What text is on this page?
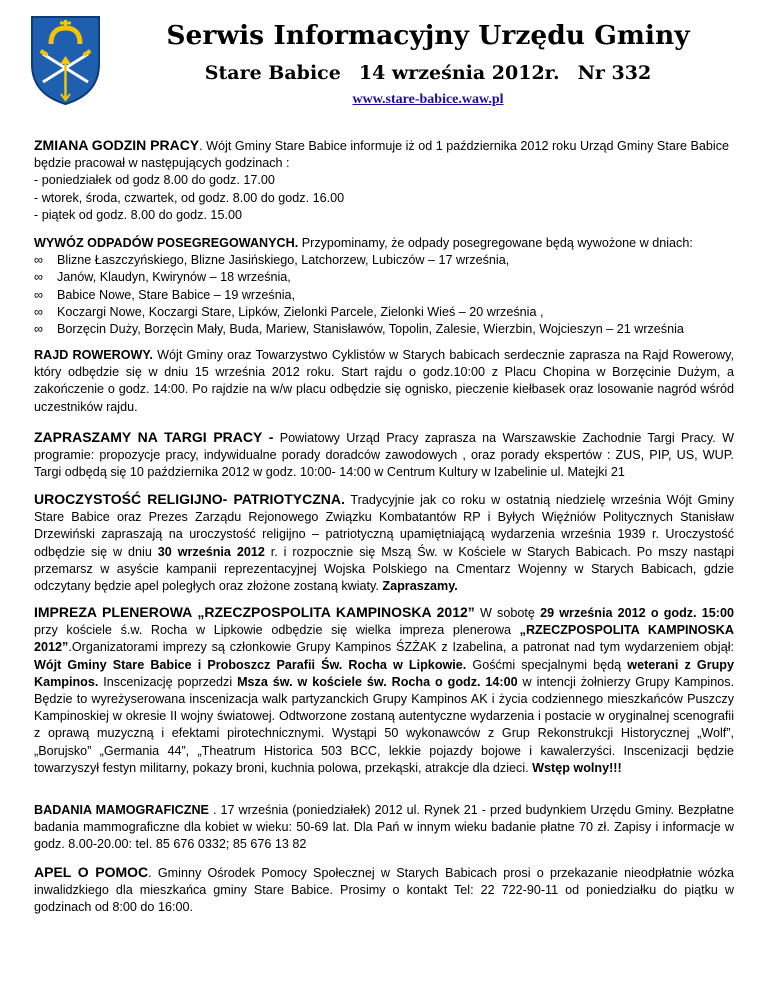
Serwis Informacyjny Urzędu Gminy
Stare Babice 14 września 2012r. Nr 332
www.stare-babice.waw.pl

ZMIANA GODZIN PRACY. Wójt Gminy Stare Babice informuje iż od 1 października 2012 roku Urząd Gminy Stare Babice będzie pracował w następujących godzinach :

- poniedziałek od godz 8.00 do godz. 17.00

- wtorek, środa, czwartek, od godz. 8.00 do godz. 16.00

- piątek od godz. 8.00 do godz. 15.00

WYWÓZ ODPADÓW POSEGREGOWANYCH. Przypominamy, że odpady posegregowane będą wywożone w dniach:

∞ Blizne Łaszczyńskiego, Blizne Jasińskiego, Latchorzew, Lubiczów – 17 września,
∞ Janów, Klaudyn, Kwirynów – 18 września,
∞ Babice Nowe, Stare Babice – 19 września,
∞ Koczargi Nowe, Koczargi Stare, Lipków, Zielonki Parcele, Zielonki Wieś – 20 września ,
∞ Borzęcin Duży, Borzęcin Mały, Buda, Mariew, Stanisławów, Topolin, Zalesie, Wierzbin, Wojcieszyn – 21 września

RAJD ROWEROWY. Wójt Gminy oraz Towarzystwo Cyklistów w Starych babicach serdecznie zaprasza na Rajd Rowerowy, który odbędzie się w dniu 15 września 2012 roku. Start rajdu o godz.10:00 z Placu Chopina w Borzęcinie Dużym, a zakończenie o godz. 14:00. Po rajdzie na w/w placu odbędzie się ognisko, pieczenie kiełbasek oraz losowanie nagród wśród uczestników rajdu.

ZAPRASZAMY NA TARGI PRACY - Powiatowy Urząd Pracy zaprasza na Warszawskie Zachodnie Targi Pracy. W programie: propozycje pracy, indywidualne porady doradców zawodowych , oraz porady ekspertów : ZUS, PIP, US, WUP. Targi odbędą się 10 października 2012 w godz. 10:00- 14:00 w Centrum Kultury w Izabelinie ul. Matejki 21

UROCZYSTOŚĆ RELIGIJNO- PATRIOTYCZNA. Tradycyjnie jak co roku w ostatnią niedzielę września Wójt Gminy Stare Babice oraz Prezes Zarządu Rejonowego Związku Kombatantów RP i Byłych Więźniów Politycznych Stanisław Drzewiński zapraszają na uroczystość religijno – patriotyczną upamiętniającą wydarzenia września 1939 r. Uroczystość odbędzie się w dniu 30 września 2012 r. i rozpocznie się Mszą Św. w Kościele w Starych Babicach. Po mszy nastąpi przemarsz w asyście kampanii reprezentacyjnej Wojska Polskiego na Cmentarz Wojenny w Starych Babicach, gdzie odczytany będzie apel poległych oraz złożone zostaną kwiaty. Zapraszamy.

IMPREZA PLENEROWA „RZECZPOSPOLITA KAMPINOSKA 2012” W sobotę 29 września 2012 o godz. 15:00 przy kościele ś.w. Rocha w Lipkowie odbędzie się wielka impreza plenerowa „RZECZPOSPOLITA KAMPINOSKA 2012”.Organizatorami imprezy są członkowie Grupy Kampinos ŚZŻAK z Izabelina, a patronat nad tym wydarzeniem objął: Wójt Gminy Stare Babice i Proboszcz Parafii Św. Rocha w Lipkowie. Gośćmi specjalnymi będą weterani z Grupy Kampinos. Inscenizację poprzedzi Msza św. w kościele św. Rocha o godz. 14:00 w intencji żołnierzy Grupy Kampinos. Będzie to wyreżyserowana inscenizacja walk partyzanckich Grupy Kampinos AK i życia codziennego mieszkańców Puszczy Kampinoskiej w okresie II wojny światowej. Odtworzone zostaną autentyczne wydarzenia i postacie w oryginalnej scenografii z oprawą muzyczną i efektami pirotechnicznymi. Wystąpi 50 wykonawców z Grup Rekonstrukcji Historycznej „Wolf”, „Borujsko” „Germania 44”, „Theatrum Historica 503 BCC, lekkie pojazdy bojowe i kawalerzyści. Inscenizacji będzie towarzyszył festyn militarny, pokazy broni, kuchnia polowa, przekąski, atrakcje dla dzieci. Wstęp wolny!!!

BADANIA MAMOGRAFICZNE . 17 września (poniedziałek) 2012 ul. Rynek 21 - przed budynkiem Urzędu Gminy. Bezpłatne badania mammograficzne dla kobiet w wieku: 50-69 lat. Dla Pań w innym wieku badanie płatne 70 zł. Zapisy i informacje w godz. 8.00-20.00: tel. 85 676 0332; 85 676 13 82

APEL O POMOC. Gminny Ośrodek Pomocy Społecznej w Starych Babicach prosi o przekazanie nieodpłatnie wózka inwalidzkiego dla mieszkańca gminy Stare Babice. Prosimy o kontakt Tel: 22 722-90-11 od poniedziałku do piątku w godzinach od 8:00 do 16:00.
